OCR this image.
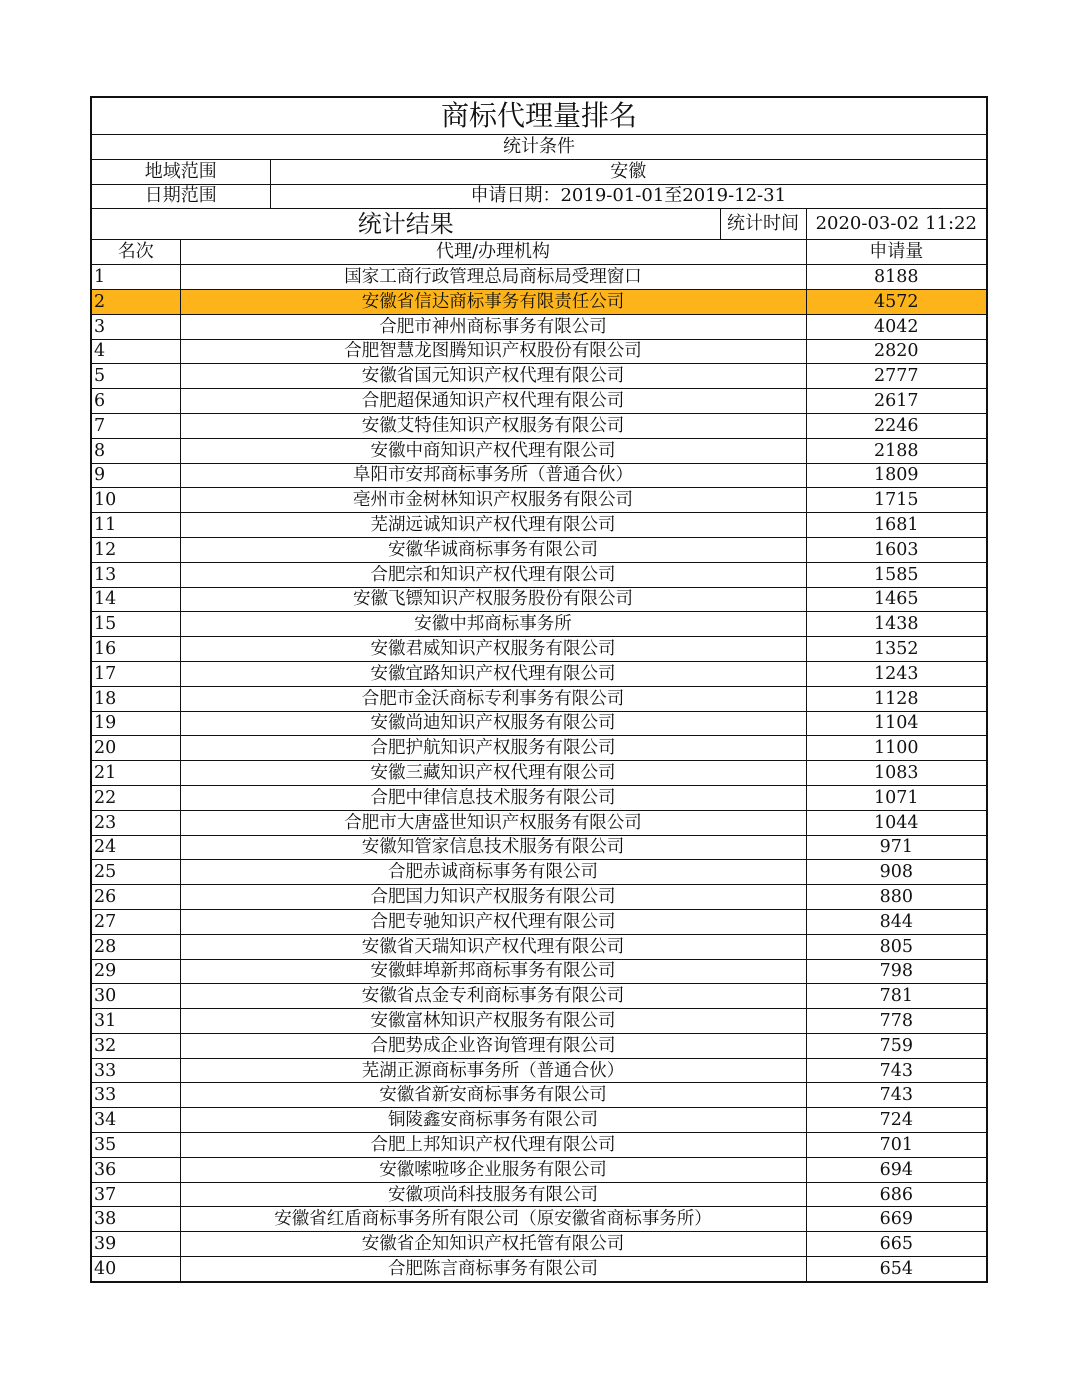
商标代理量排名				
统计条件				
地域范围		安徽		
日期范围		申请日期：2019-01-01至2019-12-31		
统计结果			统计时间	2020-03-02 11:22
名次	代理/办理机构			申请量
1	国家工商行政管理总局商标局受理窗口			8188
2	安徽省信达商标事务有限责任公司			4572
3	合肥市神州商标事务有限公司			4042
4	合肥智慧龙图腾知识产权股份有限公司			2820
5	安徽省国元知识产权代理有限公司			2777
6	合肥超保通知识产权代理有限公司			2617
7	安徽艾特佳知识产权服务有限公司			2246
8	安徽中商知识产权代理有限公司			2188
9	阜阳市安邦商标事务所（普通合伙）			1809
10	亳州市金树林知识产权服务有限公司			1715
11	芜湖远诚知识产权代理有限公司			1681
12	安徽华诚商标事务有限公司			1603
13	合肥宗和知识产权代理有限公司			1585
14	安徽飞镖知识产权服务股份有限公司			1465
15	安徽中邦商标事务所			1438
16	安徽君威知识产权服务有限公司			1352
17	安徽宜路知识产权代理有限公司			1243
18	合肥市金沃商标专利事务有限公司			1128
19	安徽尚迪知识产权服务有限公司			1104
20	合肥护航知识产权服务有限公司			1100
21	安徽三藏知识产权代理有限公司			1083
22	合肥中律信息技术服务有限公司			1071
23	合肥市大唐盛世知识产权服务有限公司			1044
24	安徽知管家信息技术服务有限公司			971
25	合肥赤诚商标事务有限公司			908
26	合肥国力知识产权服务有限公司			880
27	合肥专驰知识产权代理有限公司			844
28	安徽省天瑞知识产权代理有限公司			805
29	安徽蚌埠新邦商标事务有限公司			798
30	安徽省点金专利商标事务有限公司			781
31	安徽富林知识产权服务有限公司			778
32	合肥势成企业咨询管理有限公司			759
33	芜湖正源商标事务所（普通合伙）			743
33	安徽省新安商标事务有限公司			743
34	铜陵鑫安商标事务有限公司			724
35	合肥上邦知识产权代理有限公司			701
36	安徽嗦啦哆企业服务有限公司			694
37	安徽项尚科技服务有限公司			686
38	安徽省红盾商标事务所有限公司（原安徽省商标事务所）			669
39	安徽省企知知识产权托管有限公司			665
40	合肥陈言商标事务有限公司			654
